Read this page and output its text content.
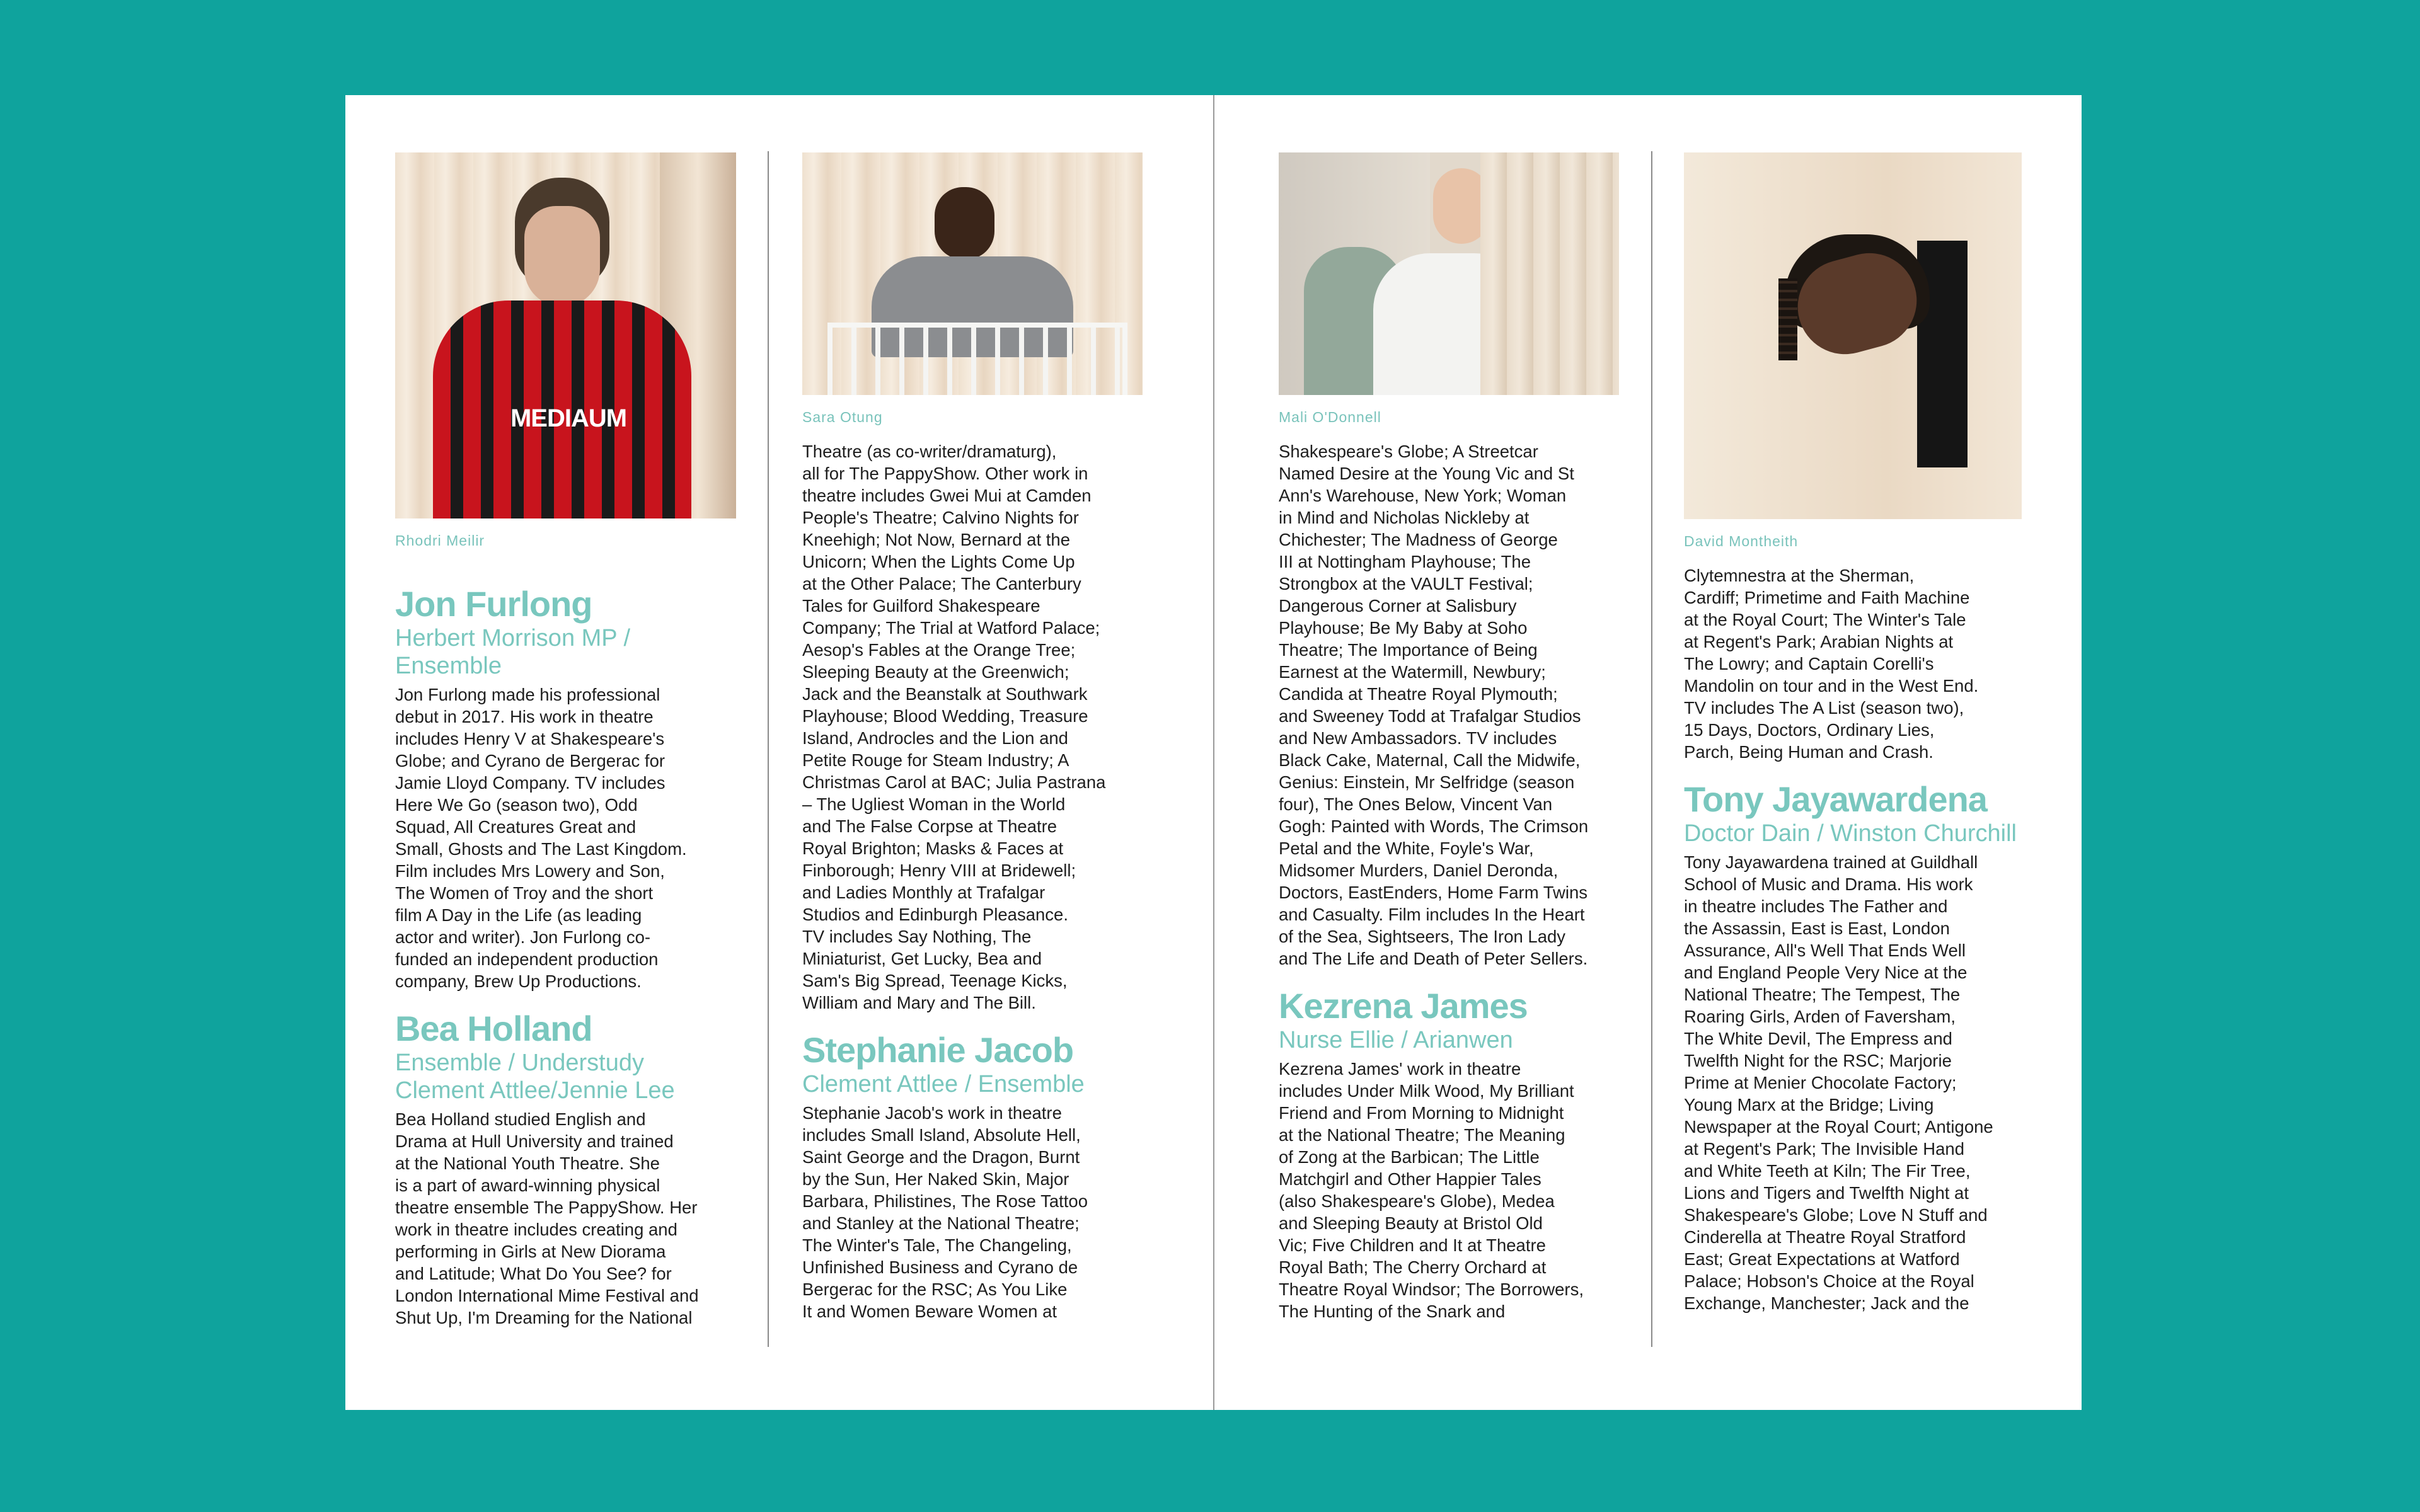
MEDIAUM
Rhodri Meilir
Jon Furlong

Herbert Morrison MP /
Ensemble

Jon Furlong made his professional
debut in 2017. His work in theatre
includes Henry V at Shakespeare's
Globe; and Cyrano de Bergerac for
Jamie Lloyd Company. TV includes
Here We Go (season two), Odd
Squad, All Creatures Great and
Small, Ghosts and The Last Kingdom.
Film includes Mrs Lowery and Son,
The Women of Troy and the short
film A Day in the Life (as leading
actor and writer). Jon Furlong co-
funded an independent production
company, Brew Up Productions.

Bea Holland

Ensemble / Understudy
Clement Attlee/Jennie Lee

Bea Holland studied English and
Drama at Hull University and trained
at the National Youth Theatre. She
is a part of award-winning physical
theatre ensemble The PappyShow. Her
work in theatre includes creating and
performing in Girls at New Diorama
and Latitude; What Do You See? for
London International Mime Festival and
Shut Up, I'm Dreaming for the National

Sara Otung

Theatre (as co-writer/dramaturg),
all for The PappyShow. Other work in
theatre includes Gwei Mui at Camden
People's Theatre; Calvino Nights for
Kneehigh; Not Now, Bernard at the
Unicorn; When the Lights Come Up
at the Other Palace; The Canterbury
Tales for Guilford Shakespeare
Company; The Trial at Watford Palace;
Aesop's Fables at the Orange Tree;
Sleeping Beauty at the Greenwich;
Jack and the Beanstalk at Southwark
Playhouse; Blood Wedding, Treasure
Island, Androcles and the Lion and
Petite Rouge for Steam Industry; A
Christmas Carol at BAC; Julia Pastrana
– The Ugliest Woman in the World
and The False Corpse at Theatre
Royal Brighton; Masks & Faces at
Finborough; Henry VIII at Bridewell;
and Ladies Monthly at Trafalgar
Studios and Edinburgh Pleasance.
TV includes Say Nothing, The
Miniaturist, Get Lucky, Bea and
Sam's Big Spread, Teenage Kicks,
William and Mary and The Bill.

Stephanie Jacob

Clement Attlee / Ensemble

Stephanie Jacob's work in theatre
includes Small Island, Absolute Hell,
Saint George and the Dragon, Burnt
by the Sun, Her Naked Skin, Major
Barbara, Philistines, The Rose Tattoo
and Stanley at the National Theatre;
The Winter's Tale, The Changeling,
Unfinished Business and Cyrano de
Bergerac for the RSC; As You Like
It and Women Beware Women at

Mali O'Donnell

Shakespeare's Globe; A Streetcar
Named Desire at the Young Vic and St
Ann's Warehouse, New York; Woman
in Mind and Nicholas Nickleby at
Chichester; The Madness of George
III at Nottingham Playhouse; The
Strongbox at the VAULT Festival;
Dangerous Corner at Salisbury
Playhouse; Be My Baby at Soho
Theatre; The Importance of Being
Earnest at the Watermill, Newbury;
Candida at Theatre Royal Plymouth;
and Sweeney Todd at Trafalgar Studios
and New Ambassadors. TV includes
Black Cake, Maternal, Call the Midwife,
Genius: Einstein, Mr Selfridge (season
four), The Ones Below, Vincent Van
Gogh: Painted with Words, The Crimson
Petal and the White, Foyle's War,
Midsomer Murders, Daniel Deronda,
Doctors, EastEnders, Home Farm Twins
and Casualty. Film includes In the Heart
of the Sea, Sightseers, The Iron Lady
and The Life and Death of Peter Sellers.

Kezrena James

Nurse Ellie / Arianwen

Kezrena James' work in theatre
includes Under Milk Wood, My Brilliant
Friend and From Morning to Midnight
at the National Theatre; The Meaning
of Zong at the Barbican; The Little
Matchgirl and Other Happier Tales
(also Shakespeare's Globe), Medea
and Sleeping Beauty at Bristol Old
Vic; Five Children and It at Theatre
Royal Bath; The Cherry Orchard at
Theatre Royal Windsor; The Borrowers,
The Hunting of the Snark and

David Montheith

Clytemnestra at the Sherman,
Cardiff; Primetime and Faith Machine
at the Royal Court; The Winter's Tale
at Regent's Park; Arabian Nights at
The Lowry; and Captain Corelli's
Mandolin on tour and in the West End.
TV includes The A List (season two),
15 Days, Doctors, Ordinary Lies,
Parch, Being Human and Crash.

Tony Jayawardena

Doctor Dain / Winston Churchill

Tony Jayawardena trained at Guildhall
School of Music and Drama. His work
in theatre includes The Father and
the Assassin, East is East, London
Assurance, All's Well That Ends Well
and England People Very Nice at the
National Theatre; The Tempest, The
Roaring Girls, Arden of Faversham,
The White Devil, The Empress and
Twelfth Night for the RSC; Marjorie
Prime at Menier Chocolate Factory;
Young Marx at the Bridge; Living
Newspaper at the Royal Court; Antigone
at Regent's Park; The Invisible Hand
and White Teeth at Kiln; The Fir Tree,
Lions and Tigers and Twelfth Night at
Shakespeare's Globe; Love N Stuff and
Cinderella at Theatre Royal Stratford
East; Great Expectations at Watford
Palace; Hobson's Choice at the Royal
Exchange, Manchester; Jack and the
